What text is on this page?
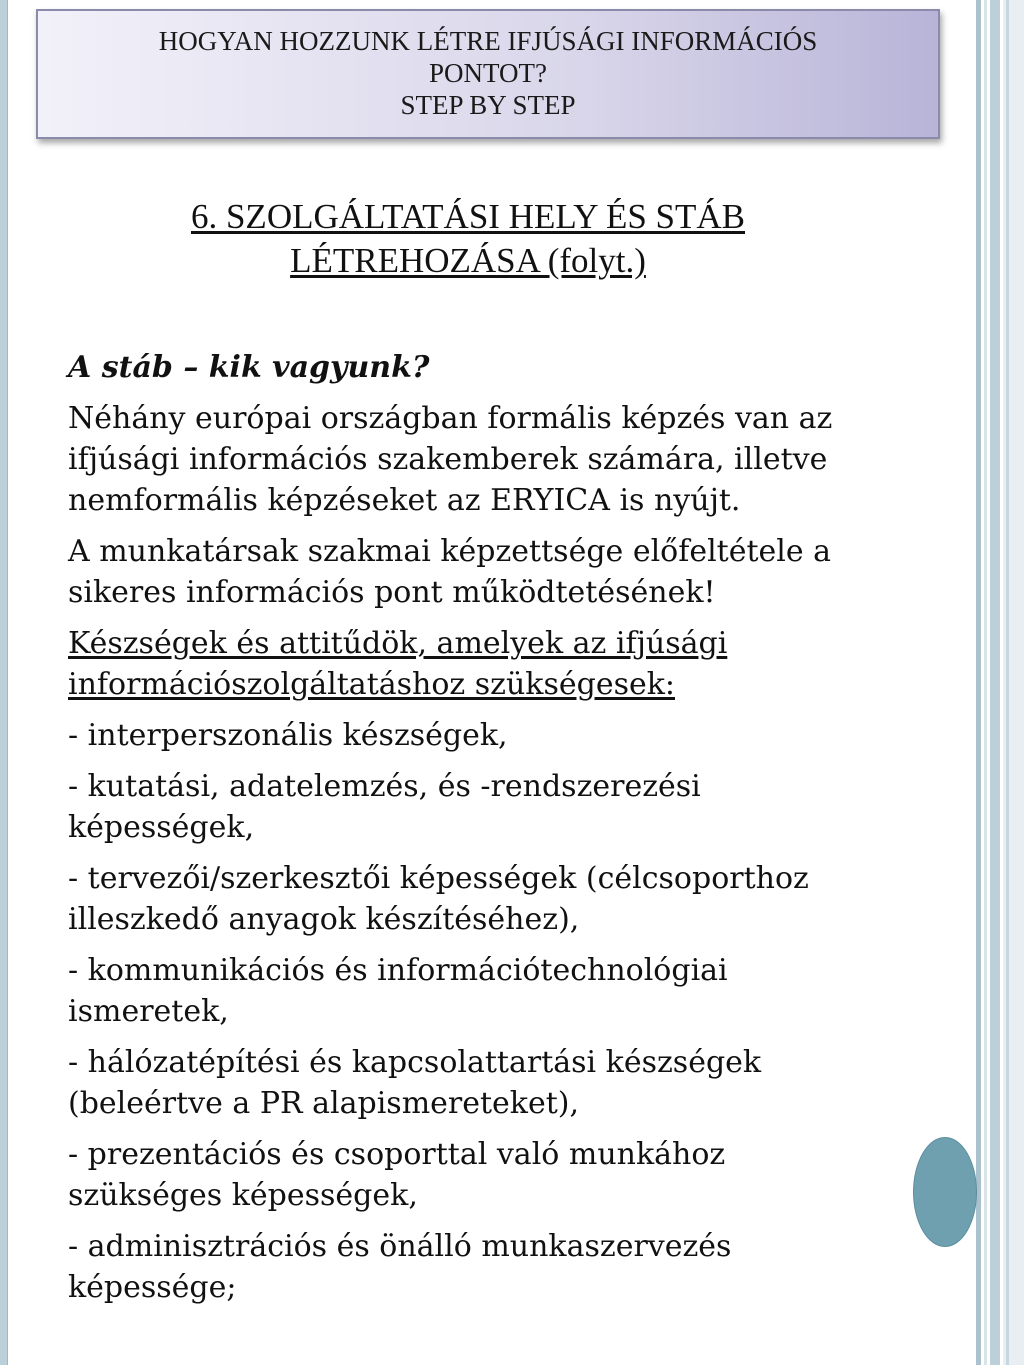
HOGYAN HOZZUNK LÉTRE IFJÚSÁGI INFORMÁCIÓS
PONTOT?
STEP BY STEP
6. SZOLGÁLTATÁSI HELY ÉS STÁB
LÉTREHOZÁSA (folyt.)
A stáb – kik vagyunk?
Néhány európai országban formális képzés van az ifjúsági információs szakemberek számára, illetve nemformális képzéseket az ERYICA is nyújt.
A munkatársak szakmai képzettsége előfeltétele a sikeres információs pont működtetésének!
Készségek és attitűdök, amelyek az ifjúsági információszolgáltatáshoz szükségesek:
- interperszonális készségek,
- kutatási, adatelemzés, és -rendszerezési képességek,
- tervezői/szerkesztői képességek (célcsoporthoz illeszkedő anyagok készítéséhez),
- kommunikációs és információtechnológiai ismeretek,
- hálózatépítési és kapcsolattartási készségek (beleértve a PR alapismereteket),
- prezentációs és csoporttal való munkához szükséges képességek,
- adminisztrációs és önálló munkaszervezés képessége;
